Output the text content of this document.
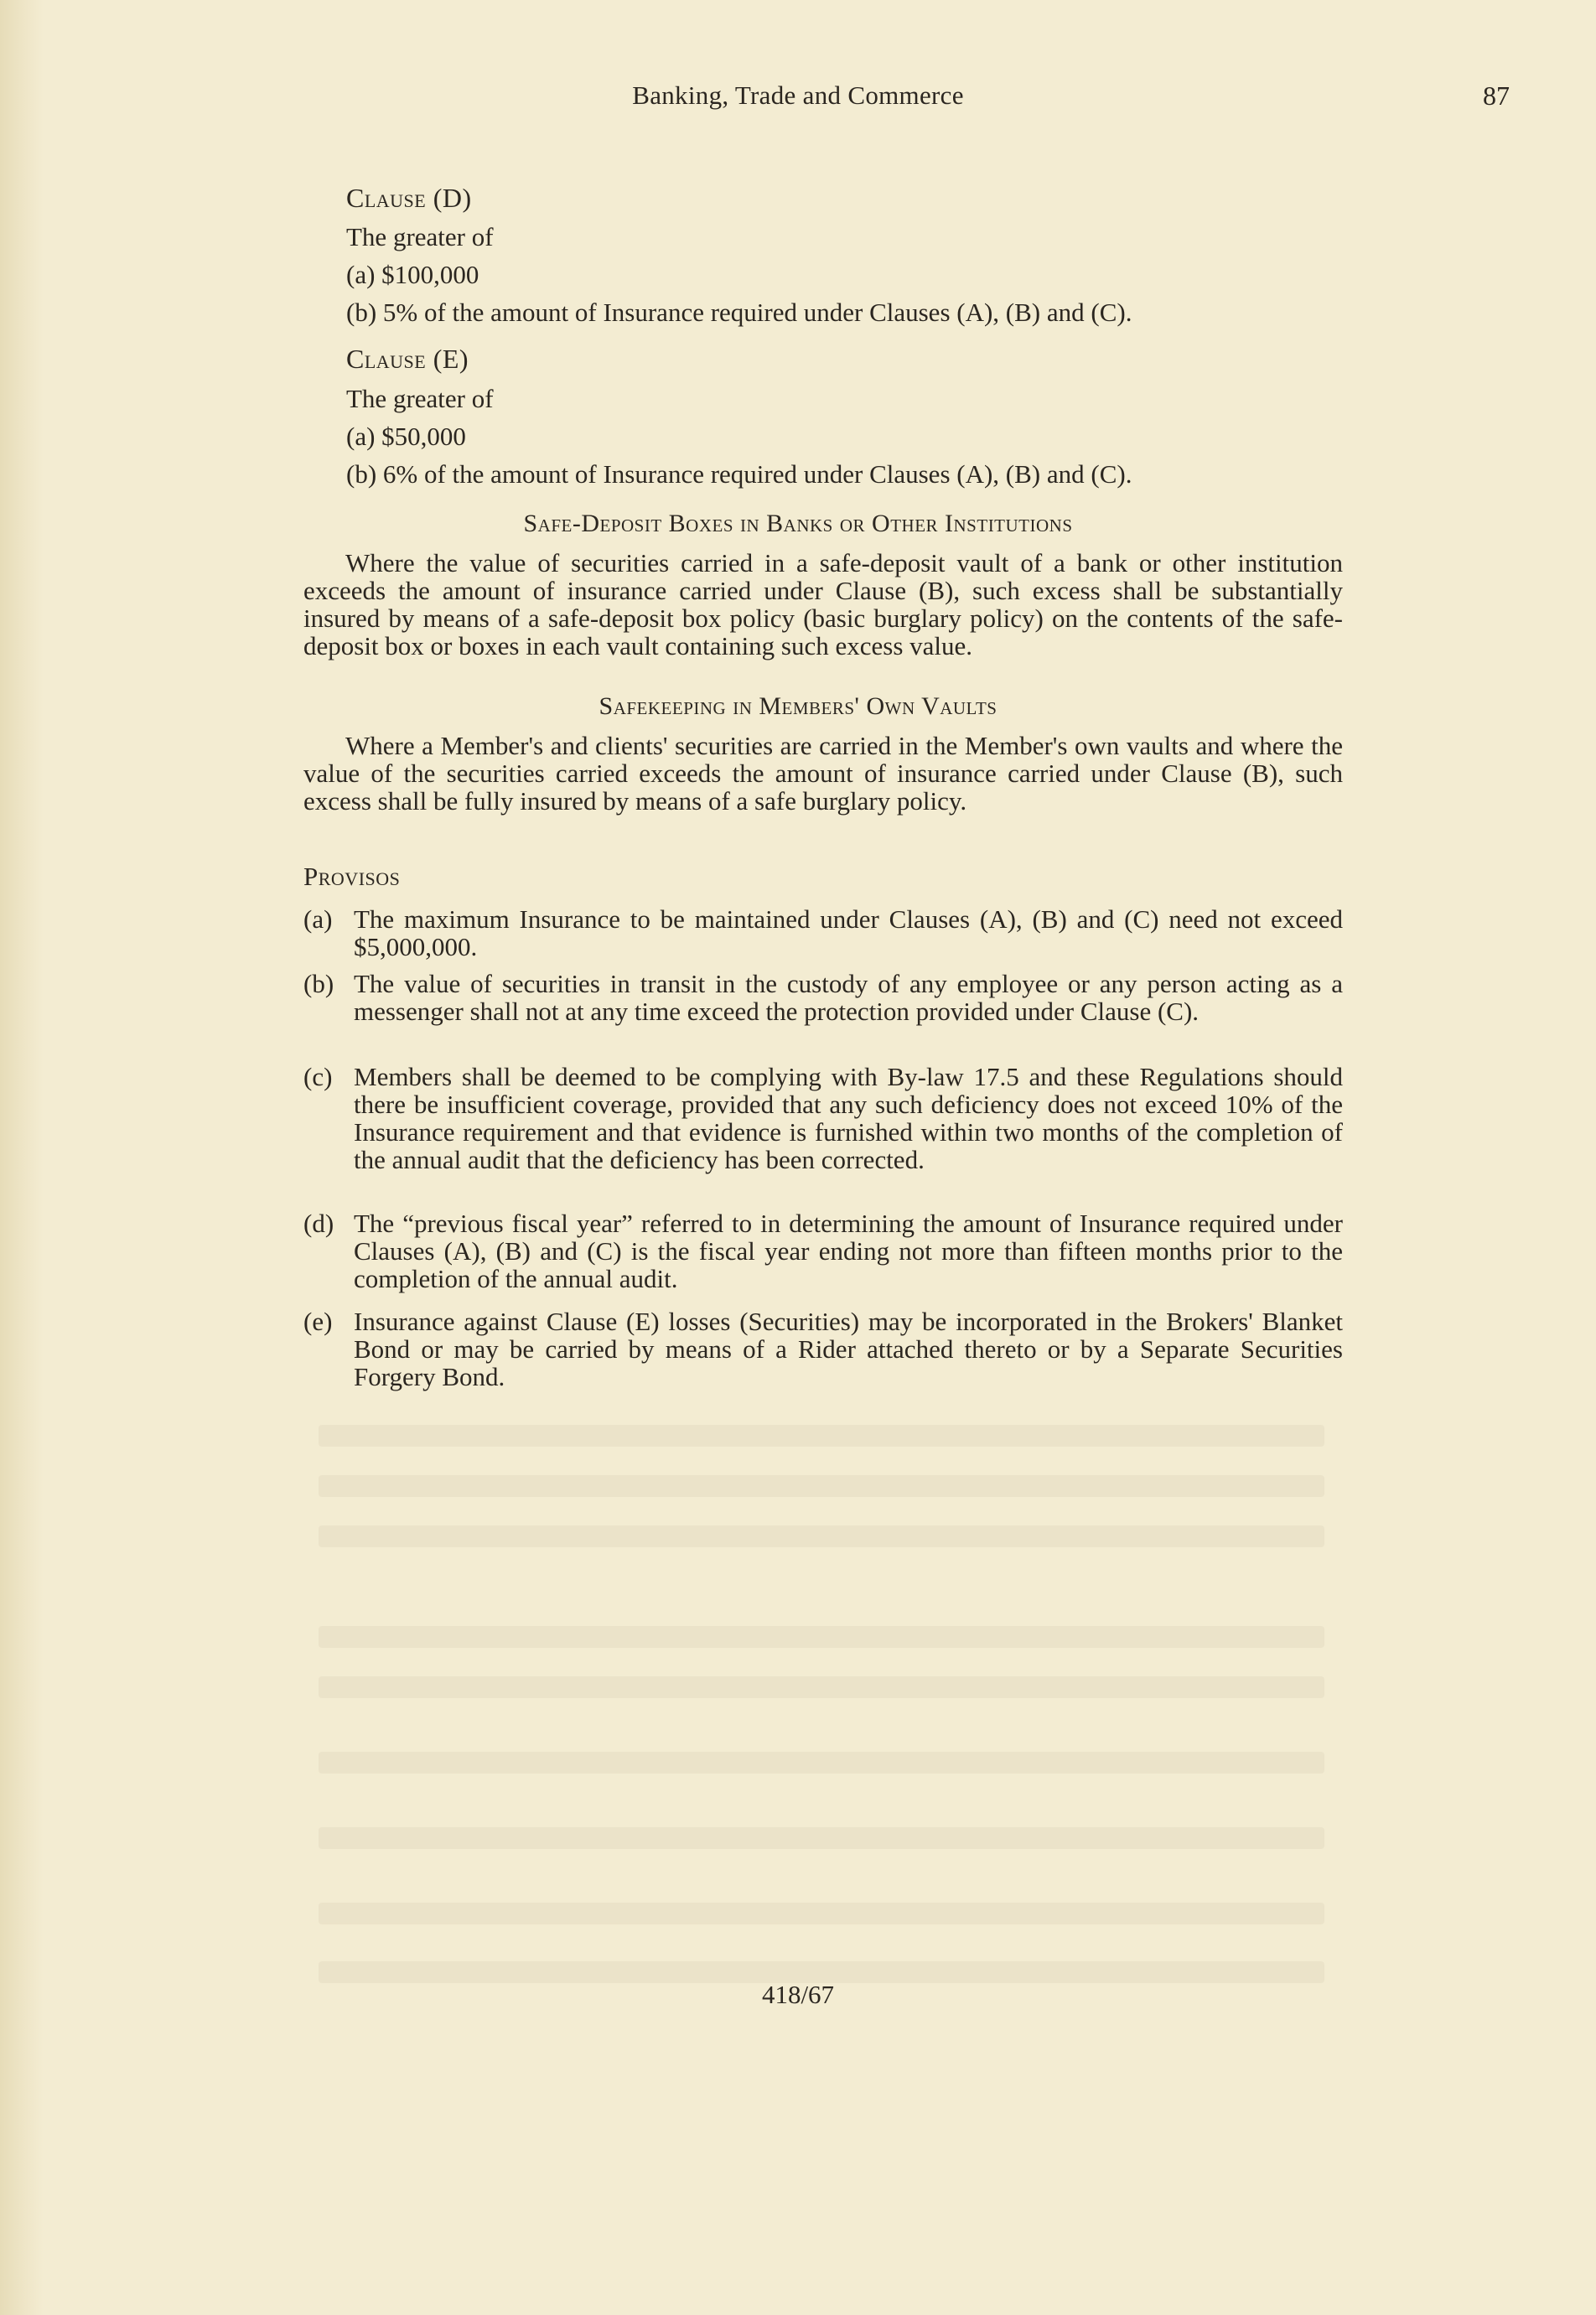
Banking, Trade and Commerce	87
Clause (D)
The greater of
(a) $100,000
(b) 5% of the amount of Insurance required under Clauses (A), (B) and (C).
Clause (E)
The greater of
(a) $50,000
(b) 6% of the amount of Insurance required under Clauses (A), (B) and (C).
Safe-Deposit Boxes in Banks or Other Institutions
Where the value of securities carried in a safe-deposit vault of a bank or other institution exceeds the amount of insurance carried under Clause (B), such excess shall be substantially insured by means of a safe-deposit box policy (basic burglary policy) on the contents of the safe-deposit box or boxes in each vault containing such excess value.
Safekeeping in Members' Own Vaults
Where a Member's and clients' securities are carried in the Member's own vaults and where the value of the securities carried exceeds the amount of insurance carried under Clause (B), such excess shall be fully insured by means of a safe burglary policy.
Provisos
(a) The maximum Insurance to be maintained under Clauses (A), (B) and (C) need not exceed $5,000,000.
(b) The value of securities in transit in the custody of any employee or any person acting as a messenger shall not at any time exceed the protection provided under Clause (C).
(c) Members shall be deemed to be complying with By-law 17.5 and these Regulations should there be insufficient coverage, provided that any such deficiency does not exceed 10% of the Insurance requirement and that evidence is furnished within two months of the completion of the annual audit that the deficiency has been corrected.
(d) The “previous fiscal year” referred to in determining the amount of Insurance required under Clauses (A), (B) and (C) is the fiscal year ending not more than fifteen months prior to the completion of the annual audit.
(e) Insurance against Clause (E) losses (Securities) may be incorporated in the Brokers' Blanket Bond or may be carried by means of a Rider attached thereto or by a Separate Securities Forgery Bond.
418/67
